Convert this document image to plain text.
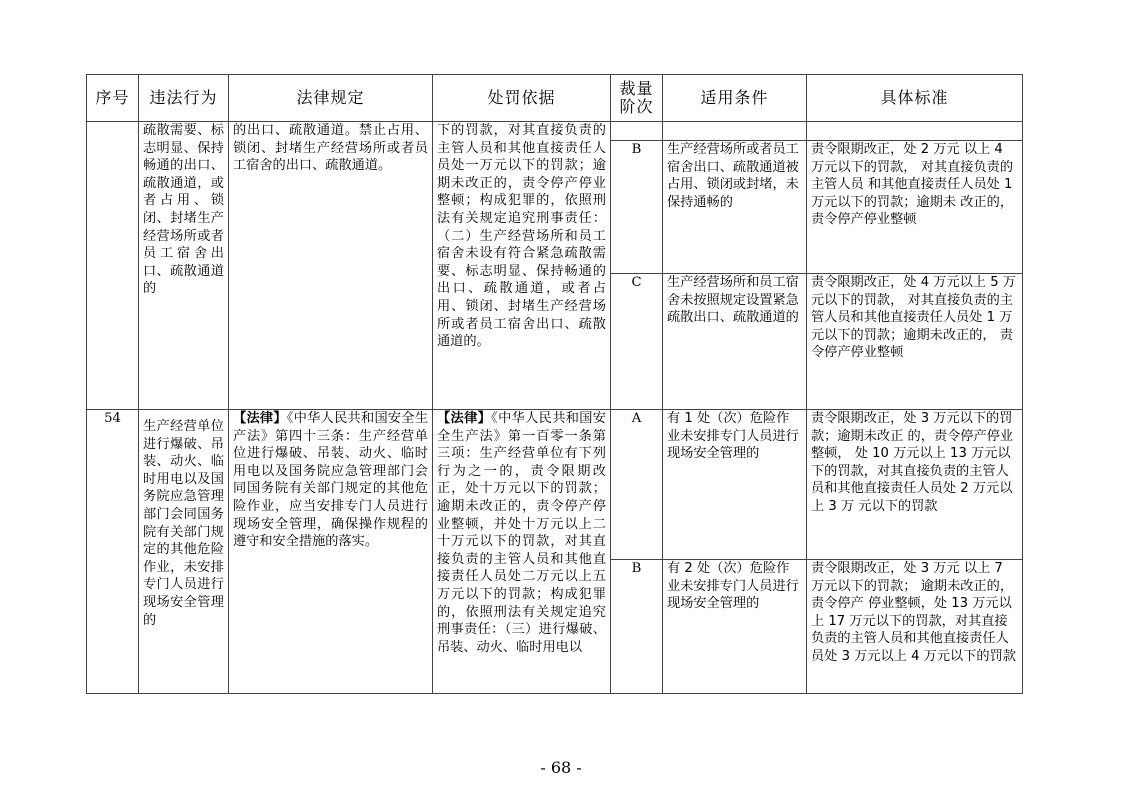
序号	违法行为	法律规定	处罚依据	裁量阶次	适用条件	具体标准
	疏散需要、标志明显、保持畅通的出口、疏散通道，或者占用、锁闭、封堵生产经营场所或者员工宿舍出口、疏散通道的	的出口、疏散通道。禁止占用、锁闭、封堵生产经营场所或者员工宿舍的出口、疏散通道。	下的罚款，对其直接负责的主管人员和其他直接责任人员处一万元以下的罚款；逾期未改正的，责令停产停业整顿；构成犯罪的，依照刑法有关规定追究刑事责任：（二）生产经营场所和员工宿舍未设有符合紧急疏散需要、标志明显、保持畅通的出口、疏散通道，或者占用、锁闭、封堵生产经营场所或者员工宿舍出口、疏散通道的。			
				B	生产经营场所或者员工宿舍出口、疏散通道被占用、锁闭或封堵，未保持通畅的	责令限期改正，处 2 万元 以上 4 万元以下的罚款， 对其直接负责的主管人员 和其他直接责任人员处 1 万元以下的罚款；逾期未 改正的，责令停产停业整顿
				C	生产经营场所和员工宿舍未按照规定设置紧急疏散出口、疏散通道的	责令限期改正，处 4 万元以上 5 万元以下的罚款， 对其直接负责的主管人员和其他直接责任人员处 1 万元以下的罚款；逾期未改正的， 责令停产停业整顿
54	生产经营单位进行爆破、吊装、动火、临时用电以及国务院应急管理部门会同国务院有关部门规定的其他危险作业，未安排专门人员进行现场安全管理的	【法律】《中华人民共和国安全生产法》第四十三条：生产经营单位进行爆破、吊装、动火、临时用电以及国务院应急管理部门会同国务院有关部门规定的其他危险作业，应当安排专门人员进行现场安全管理，确保操作规程的遵守和安全措施的落实。	【法律】《中华人民共和国安全生产法》第一百零一条第三项：生产经营单位有下列行为之一的，责令限期改正，处十万元以下的罚款；逾期未改正的，责令停产停业整顿，并处十万元以上二十万元以下的罚款，对其直接负责的主管人员和其他直接责任人员处二万元以上五万元以下的罚款；构成犯罪的，依照刑法有关规定追究刑事责任：（三）进行爆破、吊装、动火、临时用电以	A	有 1 处（次）危险作业未安排专门人员进行现场安全管理的	责令限期改正，处 3 万元以下的罚款；逾期未改正 的，责令停产停业整顿， 处 10 万元以上 13 万元以 下的罚款，对其直接负责的主管人员和其他直接责任人员处 2 万元以上 3 万 元以下的罚款
				B	有 2 处（次）危险作业未安排专门人员进行现场安全管理的	责令限期改正，处 3 万元 以上 7 万元以下的罚款； 逾期未改正的，责令停产 停业整顿，处 13 万元以上 17 万元以下的罚款，对其直接负责的主管人员和其他直接责任人员处 3 万元以上 4 万元以下的罚款
- 68 -
